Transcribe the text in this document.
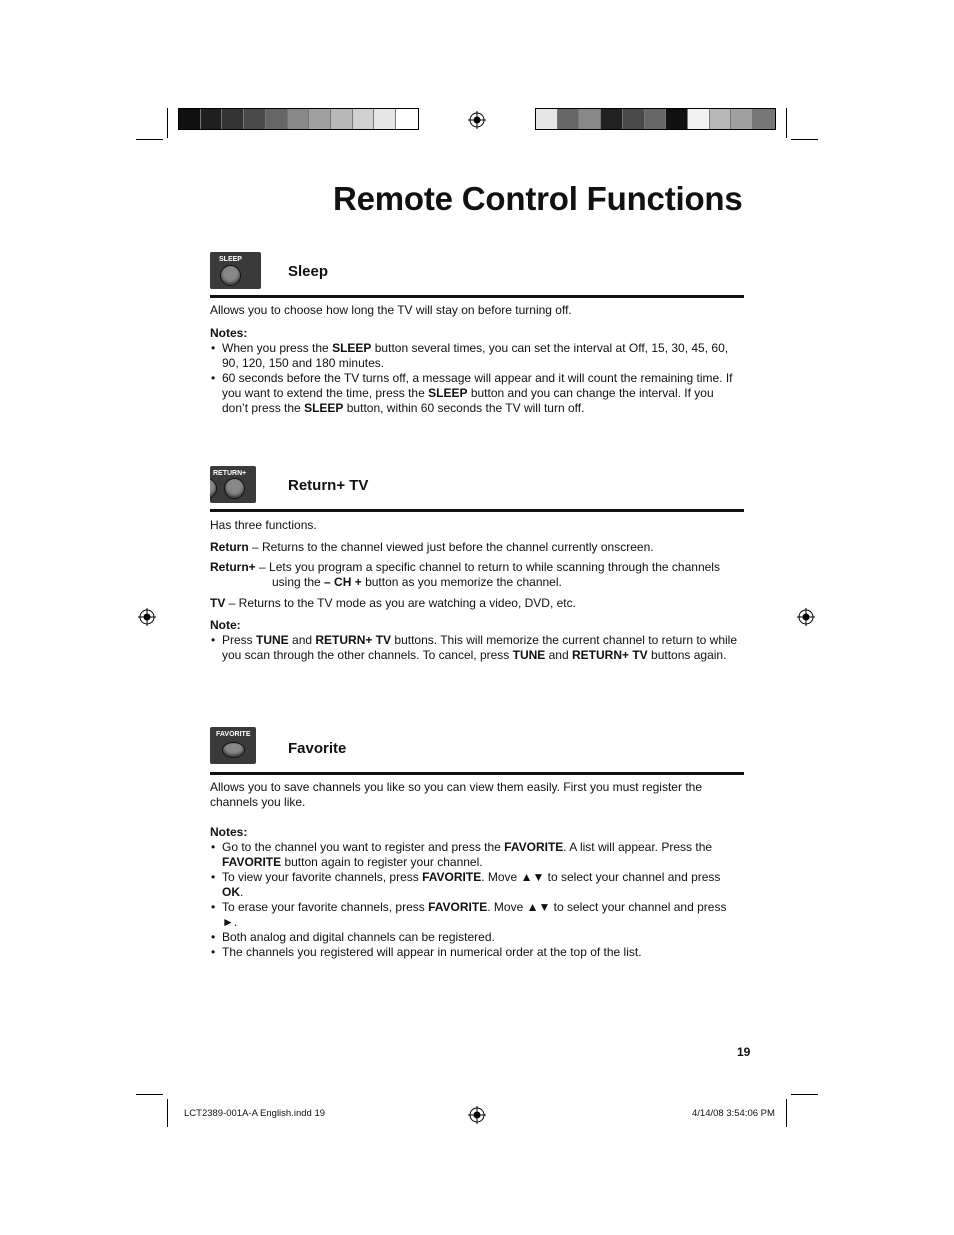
Remote Control Functions
SLEEP
Sleep

Allows you to choose how long the TV will stay on before turning off.

Notes:

• When you press the SLEEP button several times, you can set the interval at Off, 15, 30, 45, 60, 90, 120, 150 and 180 minutes.
• 60 seconds before the TV turns off, a message will appear and it will count the remaining time. If you want to extend the time, press the SLEEP button and you can change the interval. If you don’t press the SLEEP button, within 60 seconds the TV will turn off.
RETURN+
Return+ TV

Has three functions.

Return – Returns to the channel viewed just before the channel currently onscreen.

Return+ – Lets you program a specific channel to return to while scanning through the channels using the – CH + button as you memorize the channel.

TV – Returns to the TV mode as you are watching a video, DVD, etc.

Note:

• Press TUNE and RETURN+ TV buttons. This will memorize the current channel to return to while you scan through the other channels. To cancel, press TUNE and RETURN+ TV buttons again.
FAVORITE
Favorite

Allows you to save channels you like so you can view them easily. First you must register the channels you like.

Notes:

• Go to the channel you want to register and press the FAVORITE. A list will appear. Press the FAVORITE button again to register your channel.
• To view your favorite channels, press FAVORITE. Move ▲▼ to select your channel and press OK.
• To erase your favorite channels, press FAVORITE. Move ▲▼ to select your channel and press ►.
• Both analog and digital channels can be registered.
• The channels you registered will appear in numerical order at the top of the list.
19
LCT2389-001A-A English.indd 19	4/14/08 3:54:06 PM
